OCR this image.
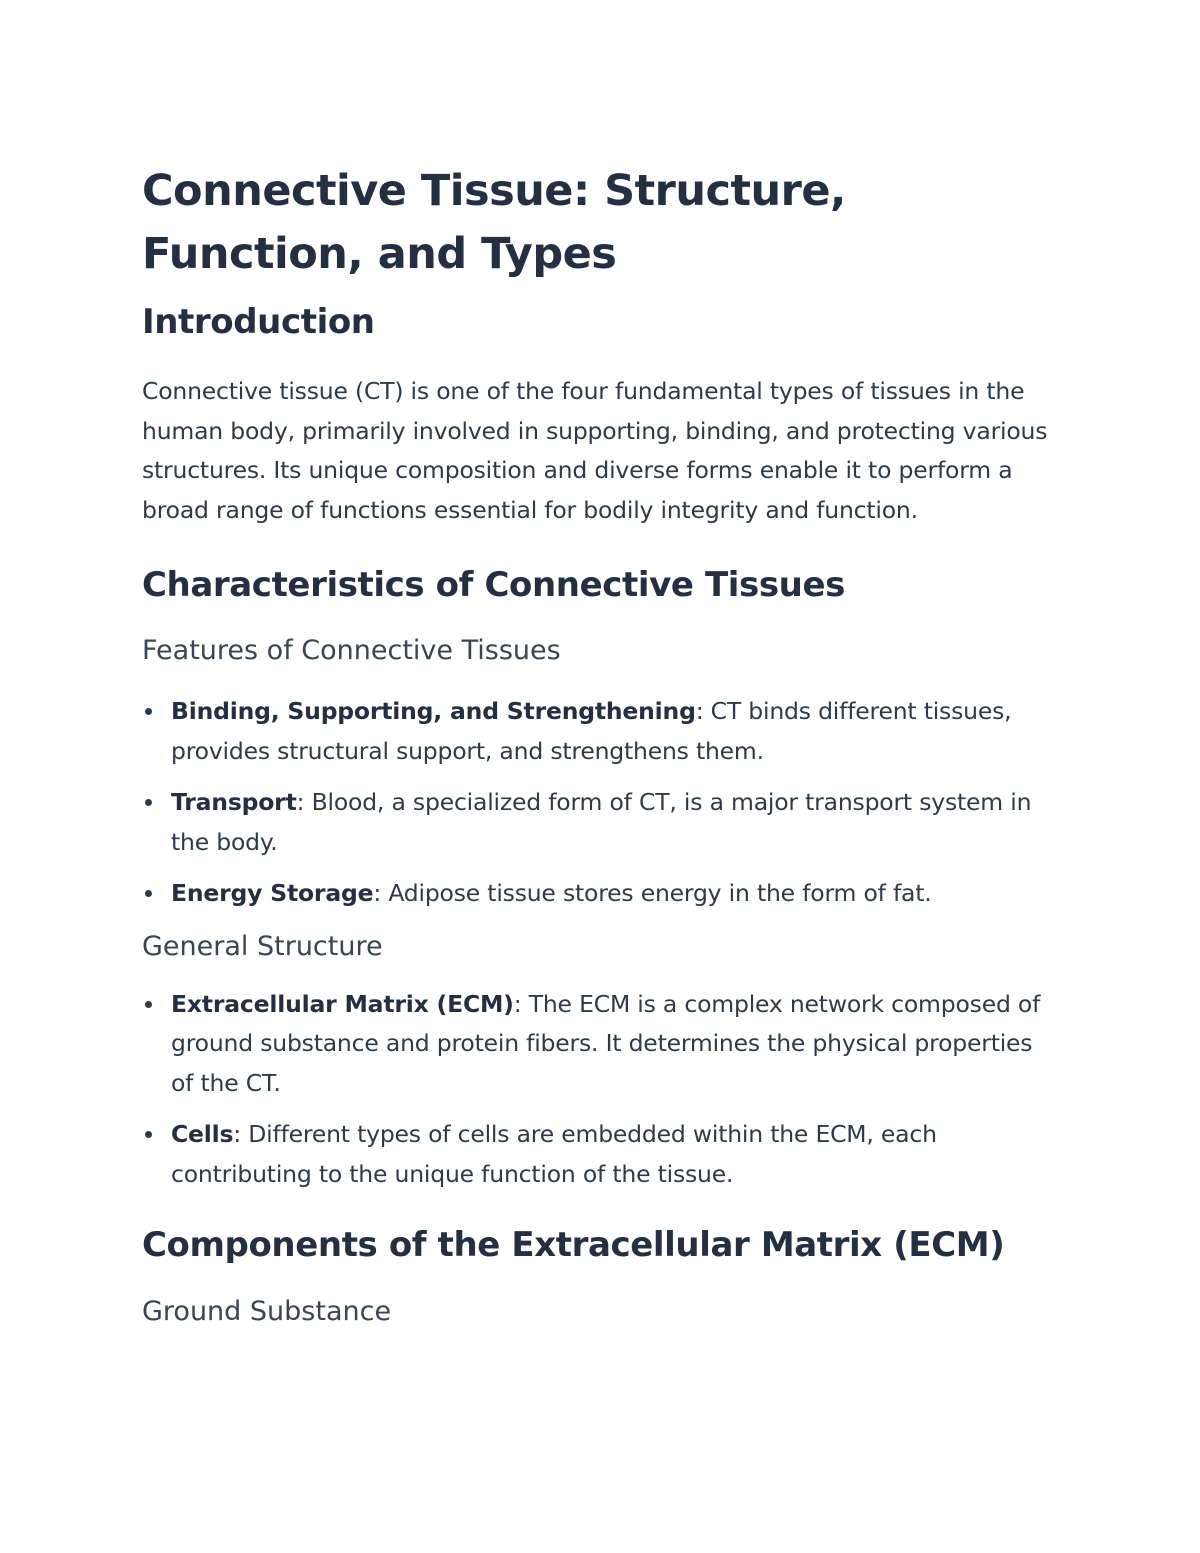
Connective Tissue: Structure, Function, and Types
Introduction

Connective tissue (CT) is one of the four fundamental types of tissues in the human body, primarily involved in supporting, binding, and protecting various structures. Its unique composition and diverse forms enable it to perform a broad range of functions essential for bodily integrity and function.

Characteristics of Connective Tissues
Features of Connective Tissues
Binding, Supporting, and Strengthening: CT binds different tissues, provides structural support, and strengthens them.
Transport: Blood, a specialized form of CT, is a major transport system in the body.
Energy Storage: Adipose tissue stores energy in the form of fat.
General Structure
Extracellular Matrix (ECM): The ECM is a complex network composed of ground substance and protein fibers. It determines the physical properties of the CT.
Cells: Different types of cells are embedded within the ECM, each contributing to the unique function of the tissue.
Components of the Extracellular Matrix (ECM)
Ground Substance
